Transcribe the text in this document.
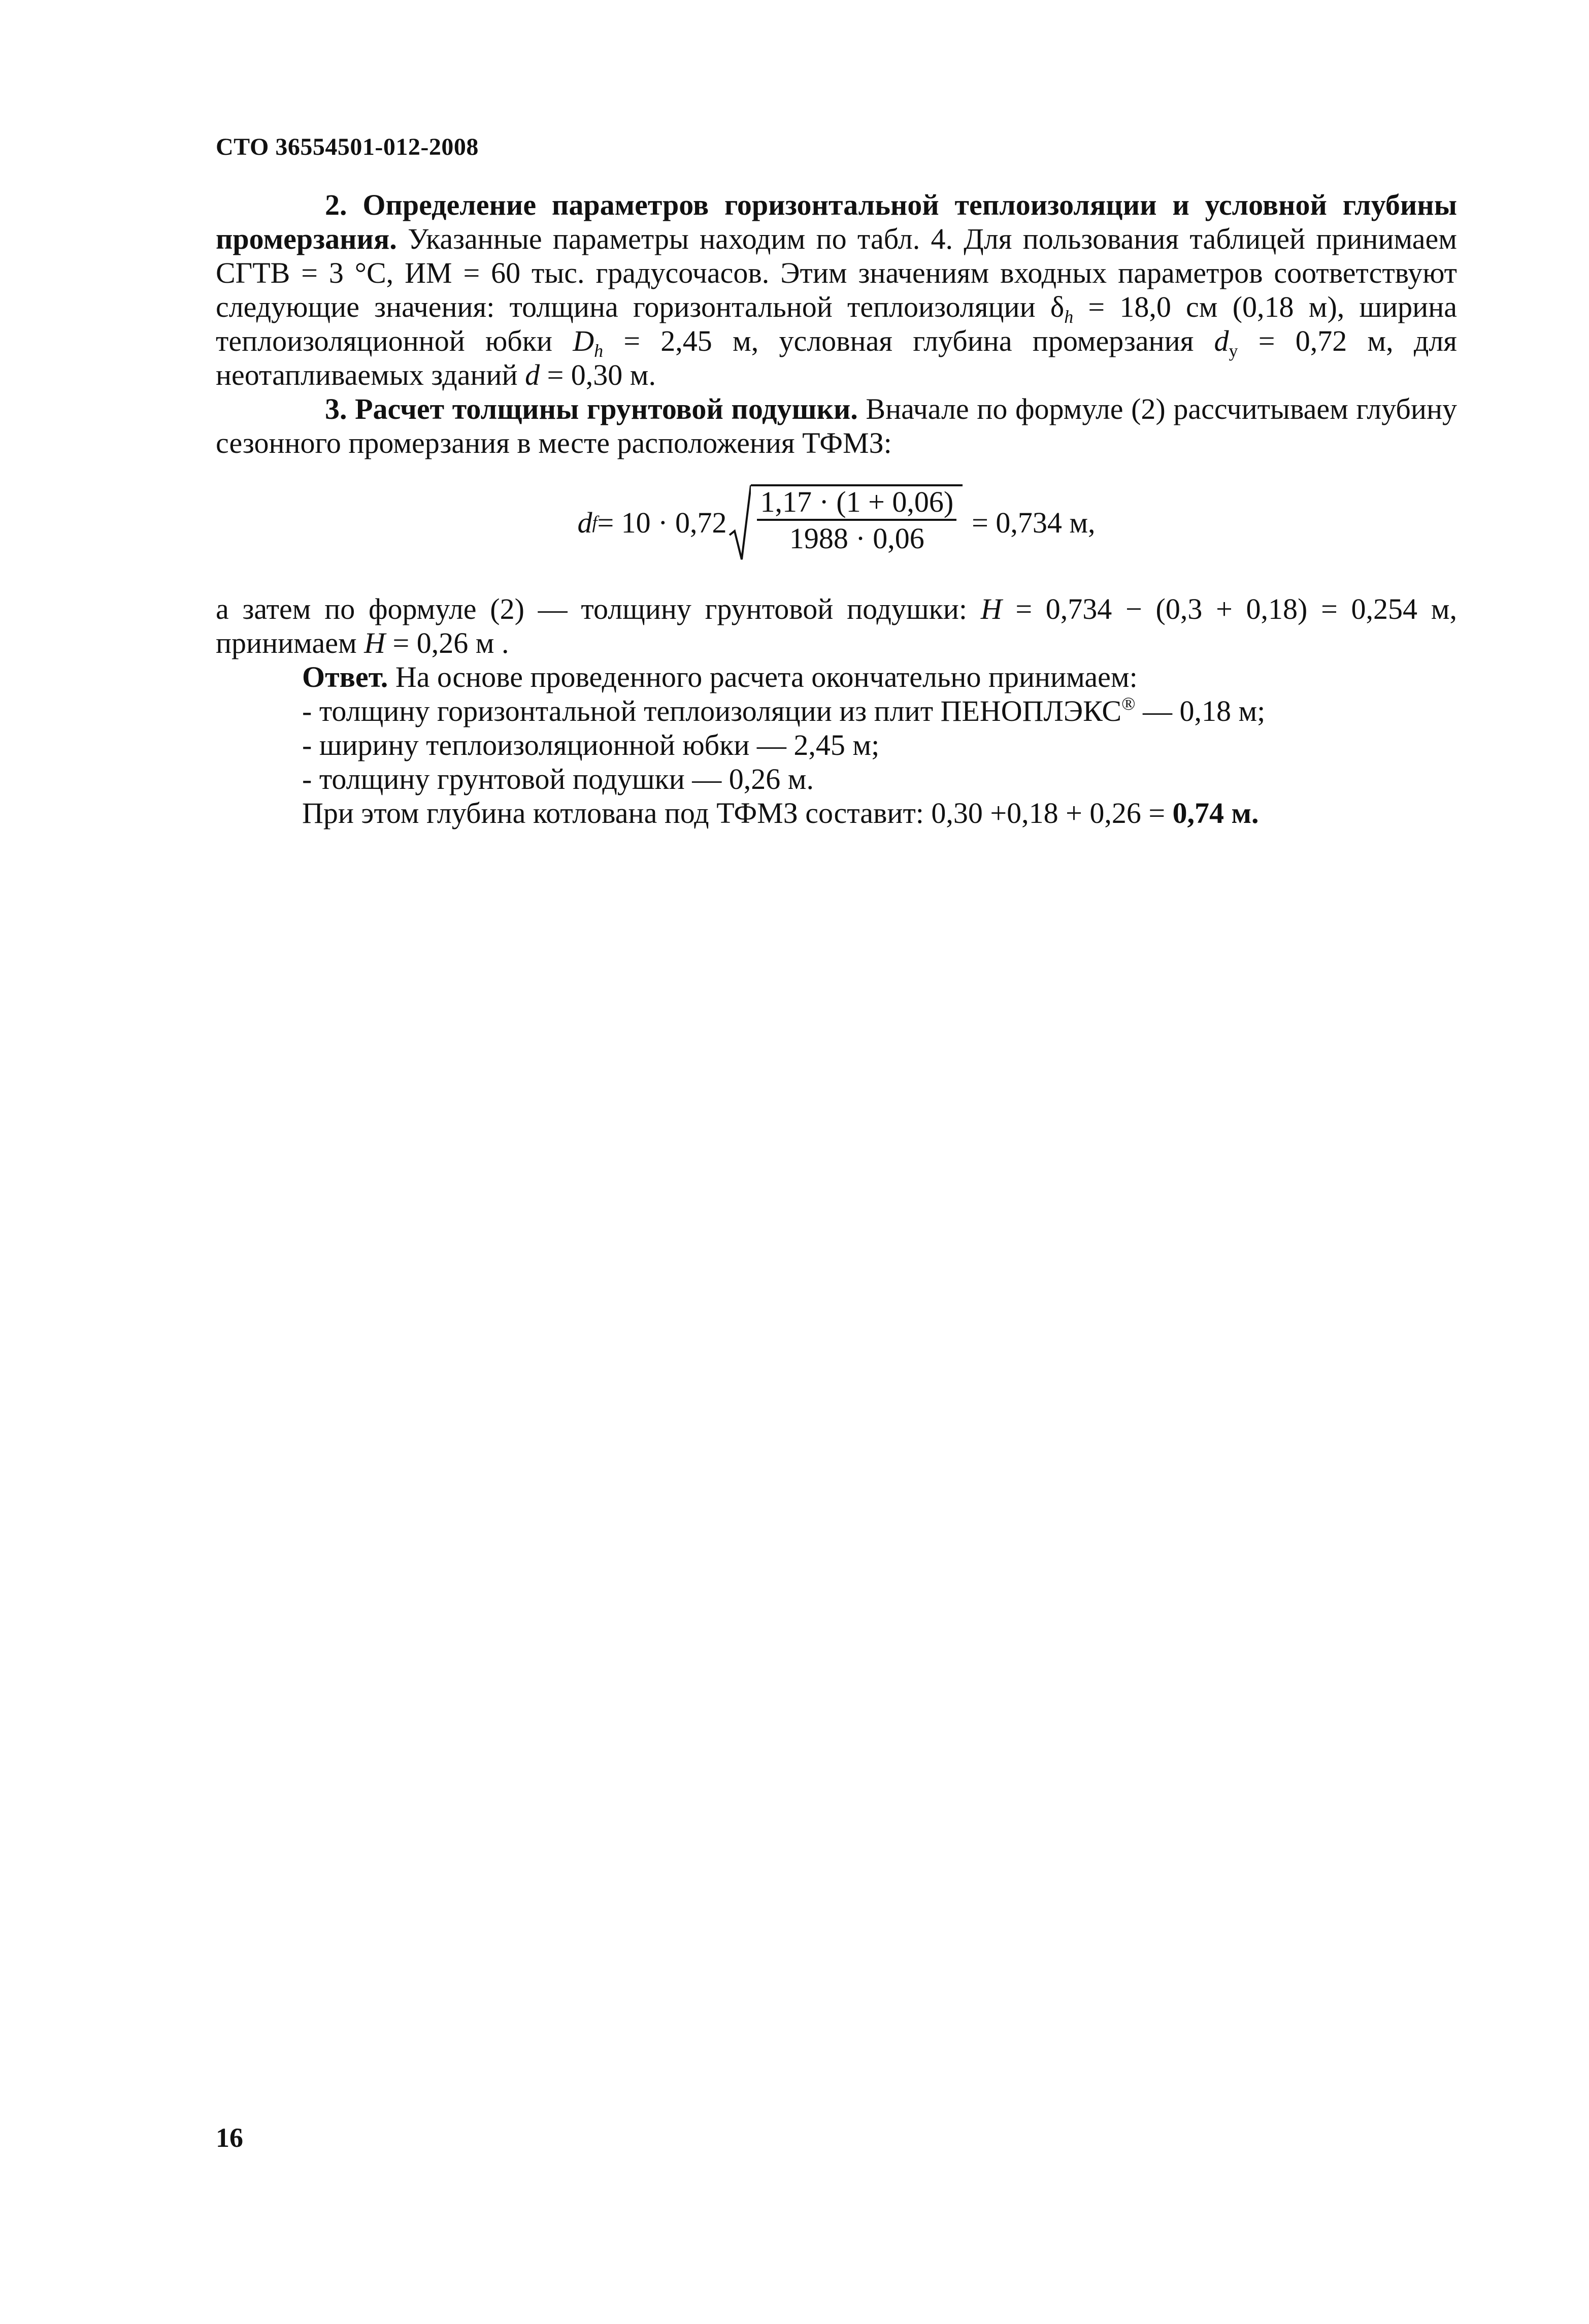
СТО 36554501-012-2008

2. Определение параметров горизонтальной теплоизоляции и условной глубины промерзания. Указанные параметры находим по табл. 4. Для пользования таблицей принимаем СГТВ = 3 °С, ИМ = 60 тыс. градусочасов. Этим значениям входных параметров соответствуют следующие значения: толщина горизонтальной теплоизоляции $\delta_h = 18,0$ см (0,18 м), ширина теплоизоляционной юбки $D_h = 2,45$ м, условная глубина промерзания $d_y = 0,72$ м, для неотапливаемых зданий d = 0,30 м.

3. Расчет толщины грунтовой подушки. Вначале по формуле (2) рассчитываем глубину сезонного промерзания в месте расположения ТФМЗ:

d $f = 10 \cdot 0,72 \frac{1,17 \cdot (1 + 0,06)}{1988 \cdot 0,06} = 0,734$ м,

а затем по формуле (2) — толщину грунтовой подушки: H = 0,734 − (0,3 + 0,18) = 0,254 м, принимаем H = 0,26 м .

Ответ. На основе проведенного расчета окончательно принимаем:

- толщину горизонтальной теплоизоляции из плит ПЕНОПЛЭКС® — 0,18 м;

- ширину теплоизоляционной юбки — 2,45 м;

- толщину грунтовой подушки — 0,26 м.

При этом глубина котлована под ТФМЗ составит: 0,30 +0,18 + 0,26 = 0,74 м.

16
